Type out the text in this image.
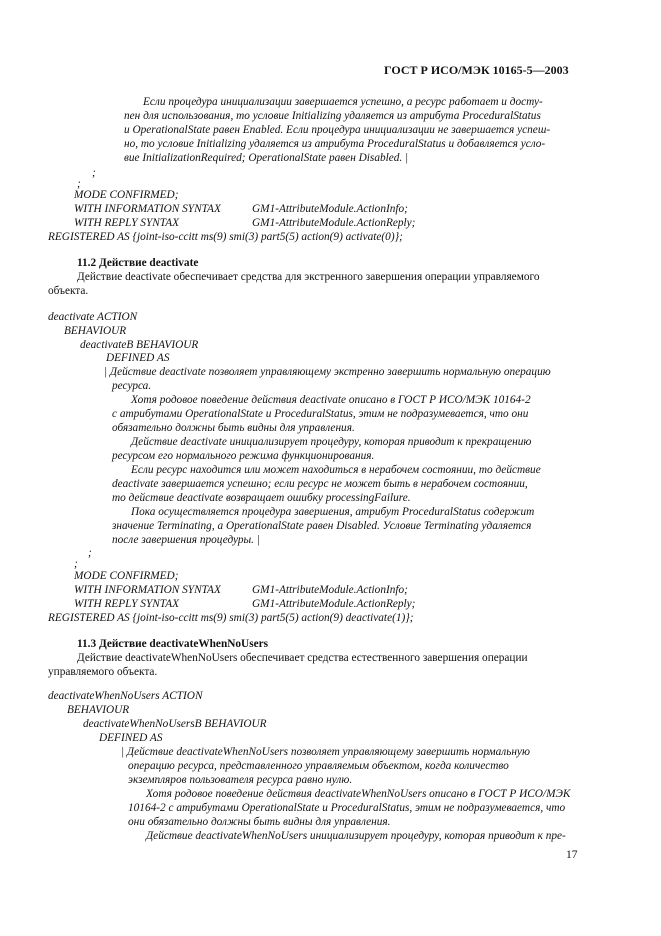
ГОСТ Р ИСО/МЭК 10165-5—2003
Если процедура инициализации завершается успешно, а ресурс работает и досту-
пен для использования, то условие Initializing удаляется из атрибута ProceduralStatus
и OperationalState равен Enabled. Если процедура инициализации не завершается успеш-
но, то условие Initializing удаляется из атрибута ProceduralStatus и добавляется усло-
вие InitializationRequired; OperationalState равен Disabled. |
;
;
MODE CONFIRMED;
WITH INFORMATION SYNTAX	GM1-AttributeModule.ActionInfo;
WITH REPLY SYNTAX	GM1-AttributeModule.ActionReply;
REGISTERED AS {joint-iso-ccitt ms(9) smi(3) part5(5) action(9) activate(0)};
11.2 Действие deactivate
Действие deactivate обеспечивает средства для экстренного завершения операции управляемого
объекта.
deactivate ACTION
BEHAVIOUR
deactivateB BEHAVIOUR
DEFINED AS
| Действие deactivate позволяет управляющему экстренно завершить нормальную операцию
ресурса.
Хотя родовое поведение действия deactivate описано в ГОСТ Р ИСО/МЭК 10164-2
с атрибутами OperationalState и ProceduralStatus, этим не подразумевается, что они
обязательно должны быть видны для управления.
Действие deactivate инициализирует процедуру, которая приводит к прекращению
ресурсом его нормального режима функционирования.
Если ресурс находится или может находиться в нерабочем состоянии, то действие
deactivate завершается успешно; если ресурс не может быть в нерабочем состоянии,
то действие deactivate возвращает ошибку processingFailure.
Пока осуществляется процедура завершения, атрибут ProceduralStatus содержит
значение Terminating, а OperationalState равен Disabled. Условие Terminating удаляется
после завершения процедуры. |
;
;
MODE CONFIRMED;
WITH INFORMATION SYNTAX	GM1-AttributeModule.ActionInfo;
WITH REPLY SYNTAX	GM1-AttributeModule.ActionReply;
REGISTERED AS {joint-iso-ccitt ms(9) smi(3) part5(5) action(9) deactivate(1)};
11.3 Действие deactivateWhenNoUsers
Действие deactivateWhenNoUsers обеспечивает средства естественного завершения операции
управляемого объекта.
deactivateWhenNoUsers ACTION
BEHAVIOUR
deactivateWhenNoUsersB BEHAVIOUR
DEFINED AS
| Действие deactivateWhenNoUsers позволяет управляющему завершить нормальную
операцию ресурса, представленного управляемым объектом, когда количество
экземпляров пользователя ресурса равно нулю.
Хотя родовое поведение действия deactivateWhenNoUsers описано в ГОСТ Р ИСО/МЭК
10164-2 с атрибутами OperationalState и ProceduralStatus, этим не подразумевается, что
они обязательно должны быть видны для управления.
Действие deactivateWhenNoUsers инициализирует процедуру, которая приводит к пре-
17
